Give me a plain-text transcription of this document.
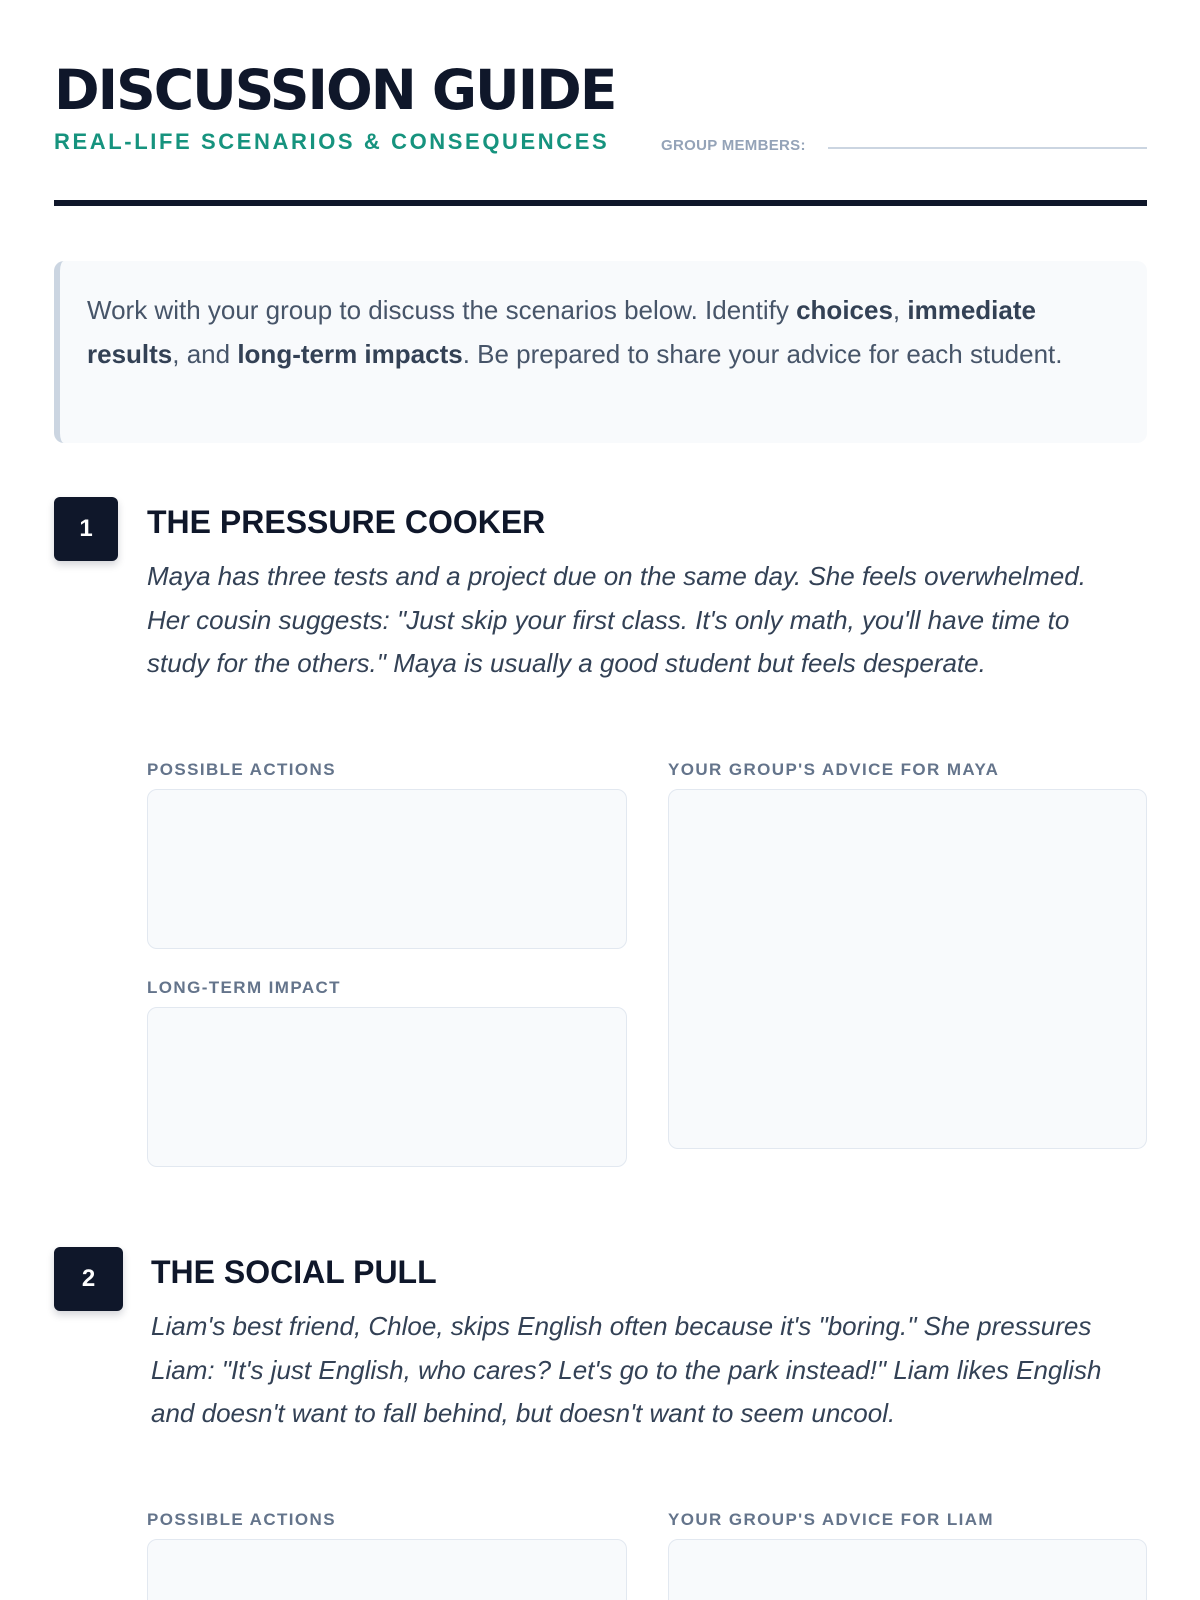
DISCUSSION GUIDE
REAL-LIFE SCENARIOS & CONSEQUENCES	GROUP MEMBERS:
Work with your group to discuss the scenarios below. Identify choices, immediate results, and long-term impacts. Be prepared to share your advice for each student.
1	THE PRESSURE COOKER
Maya has three tests and a project due on the same day. She feels overwhelmed. Her cousin suggests: "Just skip your first class. It's only math, you'll have time to study for the others." Maya is usually a good student but feels desperate.
POSSIBLE ACTIONS
LONG-TERM IMPACT
YOUR GROUP'S ADVICE FOR MAYA
2	THE SOCIAL PULL
Liam's best friend, Chloe, skips English often because it's "boring." She pressures Liam: "It's just English, who cares? Let's go to the park instead!" Liam likes English and doesn't want to fall behind, but doesn't want to seem uncool.
POSSIBLE ACTIONS	YOUR GROUP'S ADVICE FOR LIAM
